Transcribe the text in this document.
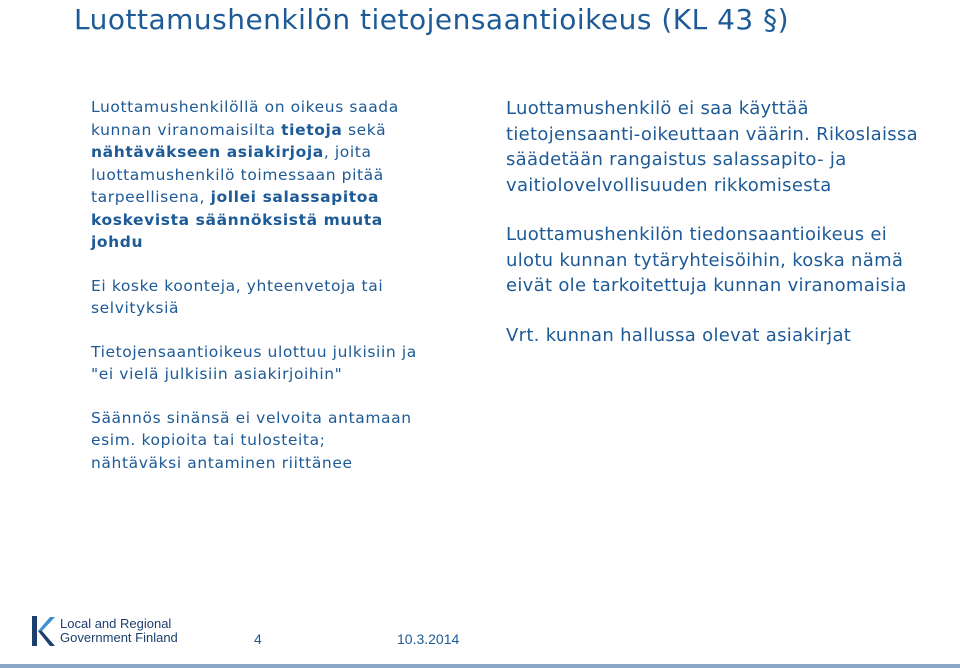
Luottamushenkilön tietojensaantioikeus (KL 43 §)

Luottamushenkilöllä on oikeus saada kunnan viranomaisilta tietoja sekä nähtäväkseen asiakirjoja, joita luottamushenkilö toimessaan pitää tarpeellisena, jollei salassapitoa koskevista säännöksistä muuta johdu

Ei koske koonteja, yhteenvetoja tai selvityksiä

Tietojensaantioikeus ulottuu julkisiin ja "ei vielä julkisiin asiakirjoihin"

Säännös sinänsä ei velvoita antamaan esim. kopioita tai tulosteita; nähtäväksi antaminen riittänee

Luottamushenkilö ei saa käyttää tietojensaanti-oikeuttaan väärin. Rikoslaissa säädetään rangaistus salassapito- ja vaitiolovelvollisuuden rikkomisesta

Luottamushenkilön tiedonsaantioikeus ei ulotu kunnan tytäryhteisöihin, koska nämä eivät ole tarkoitettuja kunnan viranomaisia

Vrt. kunnan hallussa olevat asiakirjat

Local and Regional
Government Finland	4	10.3.2014
